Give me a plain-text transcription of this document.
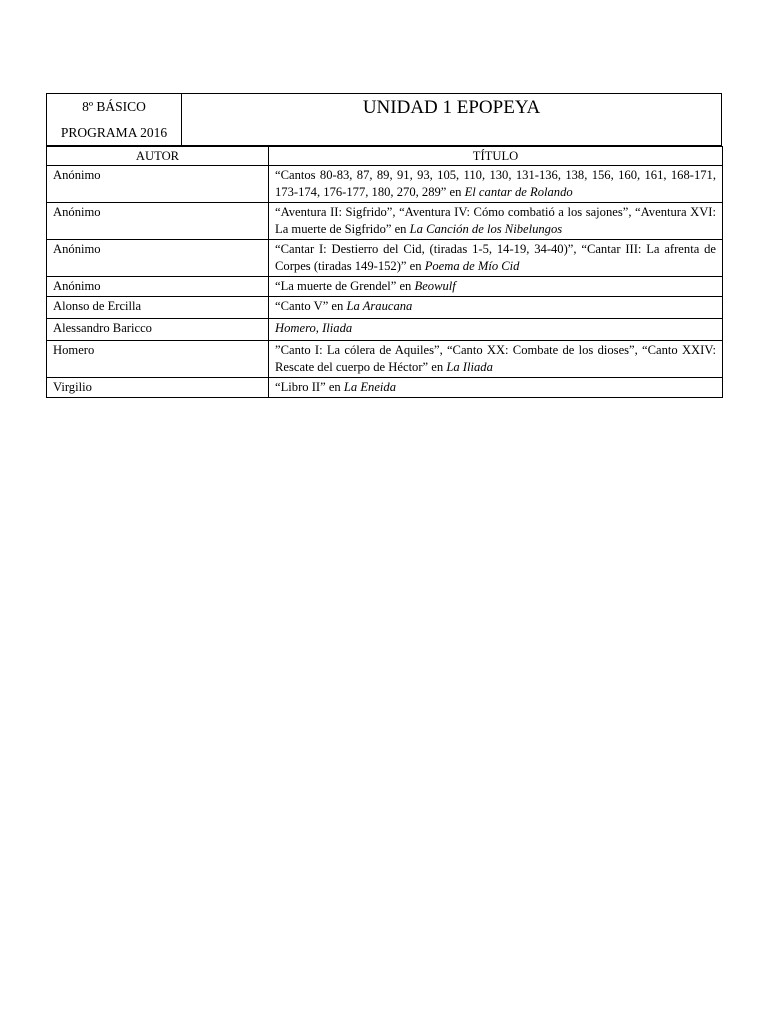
8º BÁSICO
PROGRAMA 2016
UNIDAD 1 EPOPEYA
AUTOR	TÍTULO
Anónimo	“Cantos 80-83, 87, 89, 91, 93, 105, 110, 130, 131-136, 138, 156, 160, 161, 168-171, 173-174, 176-177, 180, 270, 289” en El cantar de Rolando
Anónimo	“Aventura II: Sigfrido”, “Aventura IV: Cómo combatió a los sajones”, “Aventura XVI: La muerte de Sigfrido” en La Canción de los Nibelungos
Anónimo	“Cantar I: Destierro del Cid, (tiradas 1-5, 14-19, 34-40)”, “Cantar III: La afrenta de Corpes (tiradas 149-152)” en Poema de Mío Cid
Anónimo	“La muerte de Grendel” en Beowulf
Alonso de Ercilla	“Canto V” en La Araucana
Alessandro Baricco	Homero, Iliada
Homero	”Canto I: La cólera de Aquiles”, “Canto XX: Combate de los dioses”, “Canto XXIV: Rescate del cuerpo de Héctor” en La Iliada
Virgilio	“Libro II” en La Eneida
